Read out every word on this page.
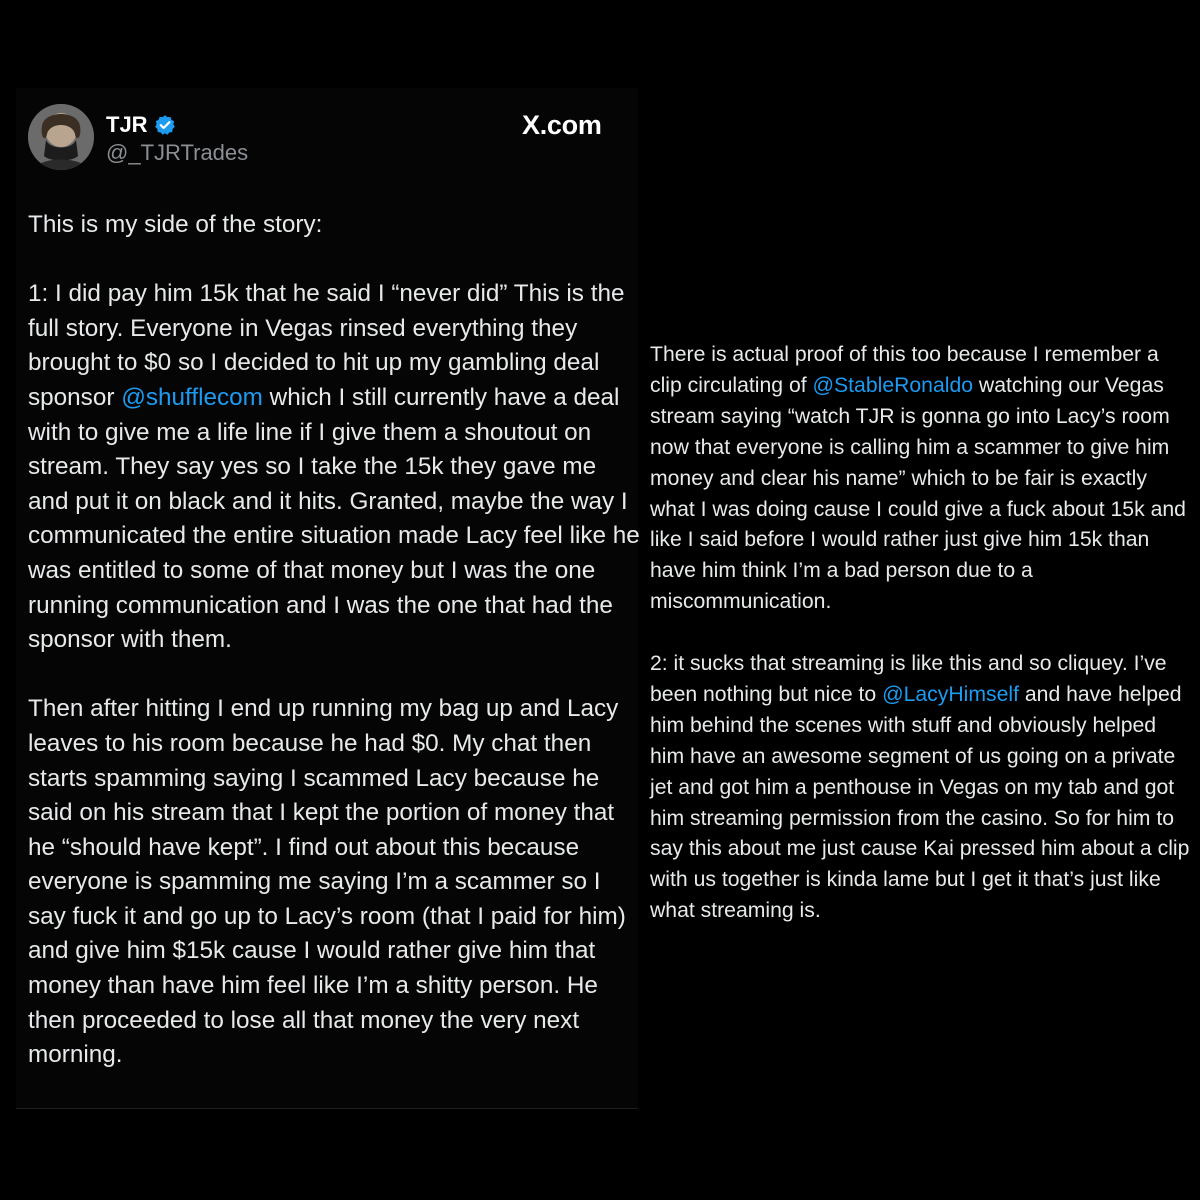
TJR
@_TJRTrades
X.com

This is my side of the story:

1: I did pay him 15k that he said I “never did” This is the full story. Everyone in Vegas rinsed everything they brought to $0 so I decided to hit up my gambling deal sponsor @shufflecom which I still currently have a deal with to give me a life line if I give them a shoutout on stream. They say yes so I take the 15k they gave me and put it on black and it hits. Granted, maybe the way I communicated the entire situation made Lacy feel like he was entitled to some of that money but I was the one running communication and I was the one that had the sponsor with them.

Then after hitting I end up running my bag up and Lacy leaves to his room because he had $0. My chat then starts spamming saying I scammed Lacy because he said on his stream that I kept the portion of money that he “should have kept”. I find out about this because everyone is spamming me saying I’m a scammer so I say fuck it and go up to Lacy’s room (that I paid for him) and give him $15k cause I would rather give him that money than have him feel like I’m a shitty person. He then proceeded to lose all that money the very next morning.

There is actual proof of this too because I remember a clip circulating of @StableRonaldo watching our Vegas stream saying “watch TJR is gonna go into Lacy’s room now that everyone is calling him a scammer to give him money and clear his name” which to be fair is exactly what I was doing cause I could give a fuck about 15k and like I said before I would rather just give him 15k than have him think I’m a bad person due to a miscommunication.

2: it sucks that streaming is like this and so cliquey. I’ve been nothing but nice to @LacyHimself and have helped him behind the scenes with stuff and obviously helped him have an awesome segment of us going on a private jet and got him a penthouse in Vegas on my tab and got him streaming permission from the casino. So for him to say this about me just cause Kai pressed him about a clip with us together is kinda lame but I get it that’s just like what streaming is.
